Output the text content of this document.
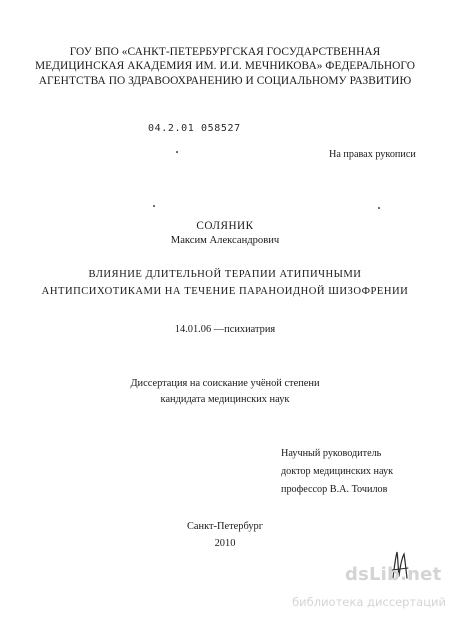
ГОУ ВПО «САНКТ-ПЕТЕРБУРГСКАЯ ГОСУДАРСТВЕННАЯ
МЕДИЦИНСКАЯ АКАДЕМИЯ ИМ. И.И. МЕЧНИКОВА» ФЕДЕРАЛЬНОГО
АГЕНТСТВА ПО ЗДРАВООХРАНЕНИЮ И СОЦИАЛЬНОМУ РАЗВИТИЮ
04.2.01 058527
На правах рукописи
СОЛЯНИК
Максим Александрович
ВЛИЯНИЕ ДЛИТЕЛЬНОЙ ТЕРАПИИ АТИПИЧНЫМИ
АНТИПСИХОТИКАМИ НА ТЕЧЕНИЕ ПАРАНОИДНОЙ ШИЗОФРЕНИИ
14.01.06 —психиатрия
Диссертация на соискание учёной степени
кандидата медицинских наук
Научный руководитель
доктор медицинских наук
профессор В.А. Точилов
Санкт-Петербург
2010
dsLib.net
библиотека диссертаций
